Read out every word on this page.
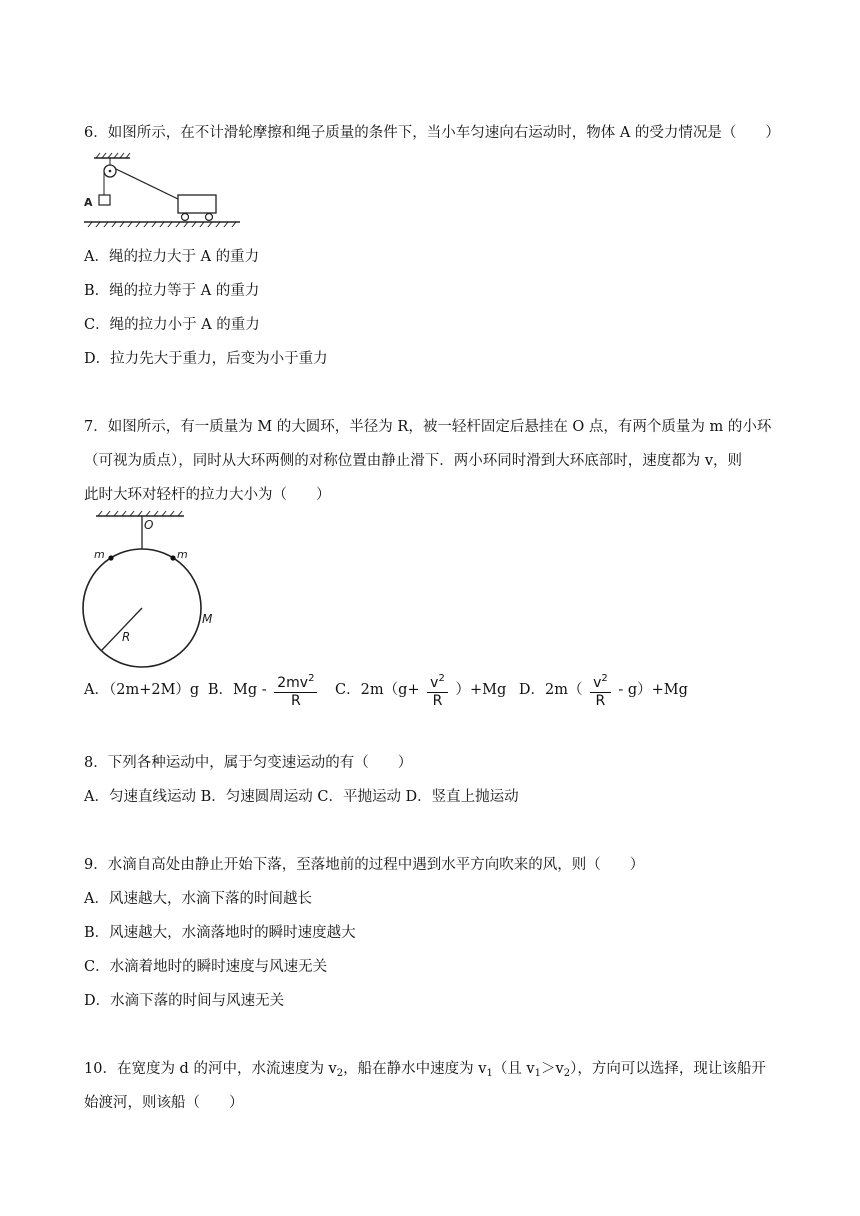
6．如图所示，在不计滑轮摩擦和绳子质量的条件下，当小车匀速向右运动时，物体 A 的受力情况是（　　）
A
A．绳的拉力大于 A 的重力
B．绳的拉力等于 A 的重力
C．绳的拉力小于 A 的重力
D．拉力先大于重力，后变为小于重力
7．如图所示，有一质量为 M 的大圆环，半径为 R，被一轻杆固定后悬挂在 O 点，有两个质量为 m 的小环
（可视为质点），同时从大环两侧的对称位置由静止滑下．两小环同时滑到大环底部时，速度都为 v，则
此时大环对轻杆的拉力大小为（　　）
O
m	m
M
R
A．（2m+2M）g B．Mg - $\frac{2mv^2}{R}$ C．$2m(g+ \frac{v^2}{R} )+Mg$ D．$2m( \frac{v^2}{R} - g)+Mg$
8．下列各种运动中，属于匀变速运动的有（　　）
A．匀速直线运动 B．匀速圆周运动 C．平抛运动 D．竖直上抛运动
9．水滴自高处由静止开始下落，至落地前的过程中遇到水平方向吹来的风，则（　　）
A．风速越大，水滴下落的时间越长
B．风速越大，水滴落地时的瞬时速度越大
C．水滴着地时的瞬时速度与风速无关
D．水滴下落的时间与风速无关
10．在宽度为 d 的河中，水流速度为 $v_2$，船在静水中速度为 $v_1$（且 $v_1>v_2$），方向可以选择，现让该船开
始渡河，则该船（　　）
